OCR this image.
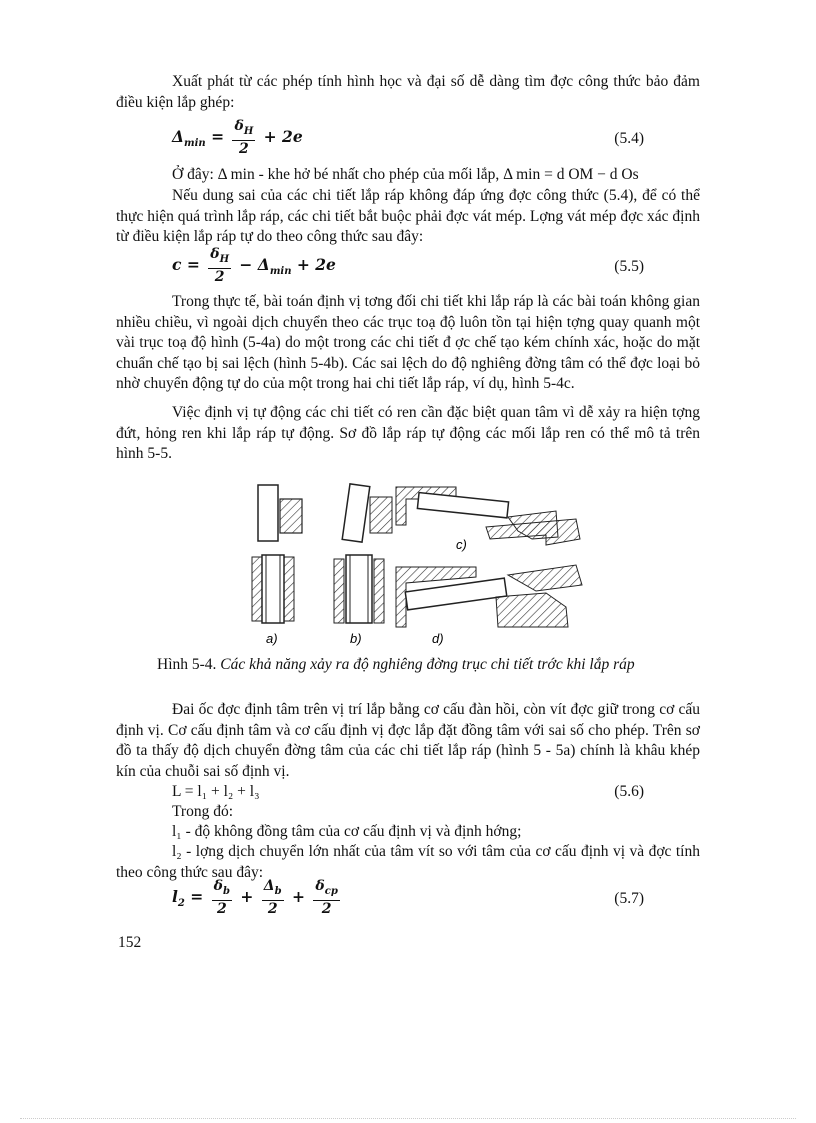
Xuất phát từ các phép tính hình học và đại số dễ dàng tìm đợc công thức bảo đảm điều kiện lắp ghép:

$\Delta_{min} = \frac{\delta_H}{2} + 2e$	(5.4)

Ở đây: Δ min - khe hở bé nhất cho phép của mối lắp, Δ min = d OM − d Os

Nếu dung sai của các chi tiết lắp ráp không đáp ứng đợc công thức (5.4), để có thể thực hiện quá trình lắp ráp, các chi tiết bắt buộc phải đợc vát mép. Lợng vát mép đợc xác định từ điều kiện lắp ráp tự do theo công thức sau đây:

$c = \frac{\delta_H}{2} - \Delta_{min} + 2e$	(5.5)

Trong thực tế, bài toán định vị tơng đối chi tiết khi lắp ráp là các bài toán không gian nhiều chiều, vì ngoài dịch chuyển theo các trục toạ độ luôn tồn tại hiện tợng quay quanh một vài trục toạ độ hình (5-4a) do một trong các chi tiết đ ợc chế tạo kém chính xác, hoặc do mặt chuẩn chế tạo bị sai lệch (hình 5-4b). Các sai lệch do độ nghiêng đờng tâm có thể đợc loại bỏ nhờ chuyển động tự do của một trong hai chi tiết lắp ráp, ví dụ, hình 5-4c.

Việc định vị tự động các chi tiết có ren cần đặc biệt quan tâm vì dễ xảy ra hiện tợng đứt, hỏng ren khi lắp ráp tự động. Sơ đồ lắp ráp tự động các mối lắp ren có thể mô tả trên hình 5-5.

a)	b)
c)
d)
Hình 5-4. Các khả năng xảy ra độ nghiêng đờng trục chi tiết trớc khi lắp ráp

Đai ốc đợc định tâm trên vị trí lắp bằng cơ cấu đàn hồi, còn vít đợc giữ trong cơ cấu định vị. Cơ cấu định tâm và cơ cấu định vị đợc lắp đặt đồng tâm với sai số cho phép. Trên sơ đồ ta thấy độ dịch chuyển đờng tâm của các chi tiết lắp ráp (hình 5 - 5a) chính là khâu khép kín của chuỗi sai số định vị.

L = l₁ + l₂ + l₃	(5.6)

Trong đó:

l₁ - độ không đồng tâm của cơ cấu định vị và định hớng;

l₂ - lợng dịch chuyển lớn nhất của tâm vít so với tâm của cơ cấu định vị và đợc tính theo công thức sau đây:

$l_2 = \frac{\delta_b}{2} + \frac{\Delta_b}{2} + \frac{\delta_{cp}}{2}$	(5.7)
152
